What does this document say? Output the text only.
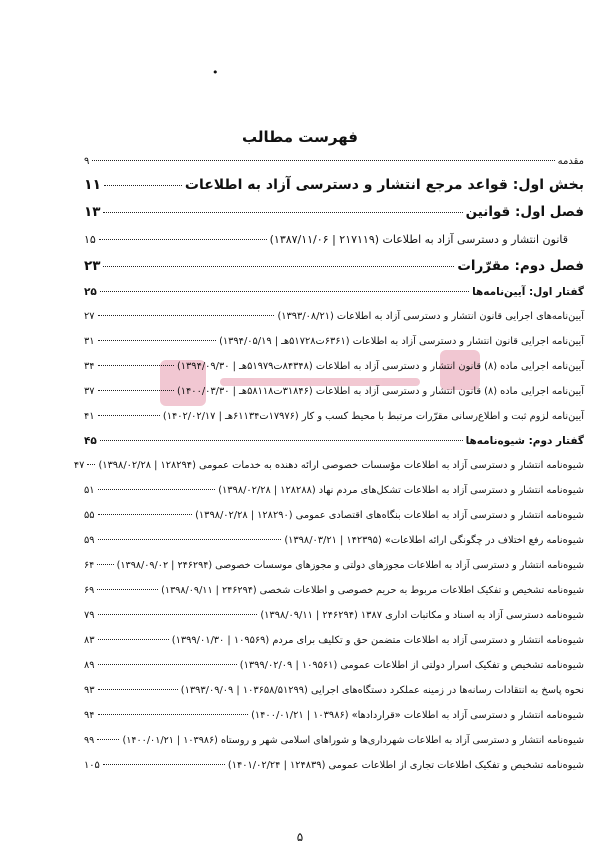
•
فهرست مطالب
مقدمه
۹
بخش اول: قواعد مرجع انتشار و دسترسی آزاد به اطلاعات
۱۱
فصل اول: قوانین
۱۳
قانون انتشار و دسترسی آزاد به اطلاعات (۲۱۷۱۱۹ | ۱۳۸۷/۱۱/۰۶)
۱۵
فصل دوم: مقرّرات
۲۳
گفتار اول: آیین‌نامه‌ها
۲۵
آیین‌نامه‌های اجرایی قانون انتشار و دسترسی آزاد به اطلاعات (۱۳۹۳/۰۸/۲۱)
۲۷
آیین‌نامه اجرایی قانون انتشار و دسترسی آزاد به اطلاعات (۶۳۶۱ت۵۱۷۲۸هـ | ۱۳۹۴/۰۵/۱۹)
۳۱
آیین‌نامه اجرایی ماده (۸) قانون انتشار و دسترسی آزاد به اطلاعات (۸۴۳۴۸ت۵۱۹۷۹هـ | ۱۳۹۴/۰۹/۳۰)
۳۴
آیین‌نامه اجرایی ماده (۸) قانون انتشار و دسترسی آزاد به اطلاعات (۳۱۸۴۶ت۵۸۱۱۸هـ | ۱۴۰۰/۰۳/۳۰)
۳۷
آیین‌نامه لزوم ثبت و اطلاع‌رسانی مقرّرات مرتبط با محیط کسب و کار (۱۷۹۷۶ت۶۱۱۳۴هـ | ۱۴۰۲/۰۲/۱۷)
۴۱
گفتار دوم: شیوه‌نامه‌ها
۴۵
شیوه‌نامه انتشار و دسترسی آزاد به اطلاعات مؤسسات خصوصی ارائه دهنده به خدمات عمومی (۱۲۸۲۹۴ | ۱۳۹۸/۰۲/۲۸)
۴۷
شیوه‌نامه انتشار و دسترسی آزاد به اطلاعات تشکل‌های مردم نهاد (۱۲۸۲۸۸ | ۱۳۹۸/۰۲/۲۸)
۵۱
شیوه‌نامه انتشار و دسترسی آزاد به اطلاعات بنگاه‌های اقتصادی عمومی (۱۲۸۲۹۰ | ۱۳۹۸/۰۲/۲۸)
۵۵
شیوه‌نامه رفع اختلاف در چگونگی ارائه اطلاعات» (۱۴۲۳۹۵ | ۱۳۹۸/۰۳/۲۱)
۵۹
شیوه‌نامه انتشار و دسترسی آزاد به اطلاعات مجوزهای دولتی و مجوزهای موسسات خصوصی (۲۴۶۲۹۴ | ۱۳۹۸/۰۹/۰۲)
۶۴
شیوه‌نامه تشخیص و تفکیک اطلاعات مربوط به حریم خصوصی و اطلاعات شخصی (۲۴۶۲۹۴ | ۱۳۹۸/۰۹/۱۱)
۶۹
شیوه‌نامه دسترسی آزاد به اسناد و مکاتبات اداری ۱۳۸۷ (۲۴۶۲۹۴ | ۱۳۹۸/۰۹/۱۱)
۷۹
شیوه‌نامه انتشار و دسترسی آزاد به اطلاعات متضمن حق و تکلیف برای مردم (۱۰۹۵۶۹ | ۱۳۹۹/۰۱/۳۰)
۸۳
شیوه‌نامه تشخیص و تفکیک اسرار دولتی از اطلاعات عمومی (۱۰۹۵۶۱ | ۱۳۹۹/۰۲/۰۹)
۸۹
نحوه پاسخ به انتقادات رسانه‌ها در زمینه عملکرد دستگاه‌های اجرایی (۱۰۳۶۵۸/۵۱۲۹۹ | ۱۳۹۳/۰۹/۰۹)
۹۳
شیوه‌نامه انتشار و دسترسی آزاد به اطلاعات «قراردادها» (۱۰۳۹۸۶ | ۱۴۰۰/۰۱/۲۱)
۹۴
شیوه‌نامه انتشار و دسترسی آزاد به اطلاعات شهرداری‌ها و شوراهای اسلامی شهر و روستاه (۱۰۳۹۸۶ | ۱۴۰۰/۰۱/۲۱)
۹۹
شیوه‌نامه تشخیص و تفکیک اطلاعات تجاری از اطلاعات عمومی (۱۲۴۸۳۹ | ۱۴۰۱/۰۲/۲۴)
۱۰۵
۵
